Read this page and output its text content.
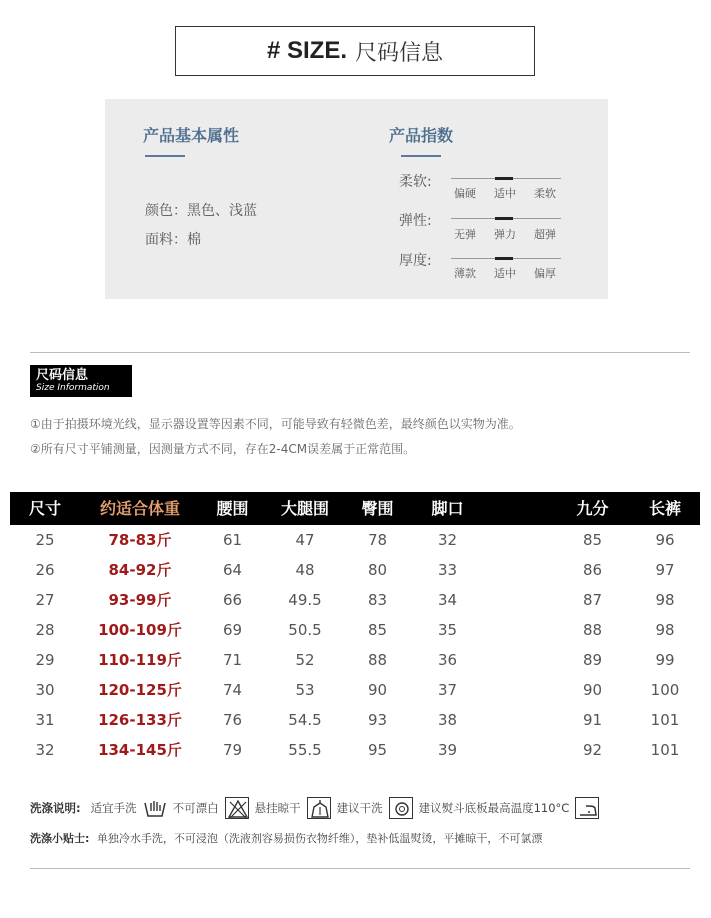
# SIZE. 尺码信息
产品基本属性
颜色：黑色、浅蓝
面料：棉
产品指数
柔软:
偏硬	适中	柔软
弹性:
无弹	弹力	超弹
厚度:
薄款	适中	偏厚
尺码信息
Size Information
①由于拍摄环境光线，显示器设置等因素不同，可能导致有轻微色差，最终颜色以实物为准。
②所有尺寸平铺测量，因测量方式不同，存在2-4CM误差属于正常范围。
尺寸	约适合体重	腰围	大腿围	臀围	脚口	九分	长裤
25	78-83斤	61	47	78	32	85	96
26	84-92斤	64	48	80	33	86	97
27	93-99斤	66	49.5	83	34	87	98
28	100-109斤	69	50.5	85	35	88	98
29	110-119斤	71	52	88	36	89	99
30	120-125斤	74	53	90	37	90	100
31	126-133斤	76	54.5	93	38	91	101
32	134-145斤	79	55.5	95	39	92	101
洗涤说明: 适宜手洗	不可漂白	悬挂晾干	建议干洗	建议熨斗底板最高温度110°C
洗涤小贴士: 单独冷水手洗，不可浸泡（洗液剂容易损伤衣物纤维），垫补低温熨烫，平摊晾干，不可氯漂
